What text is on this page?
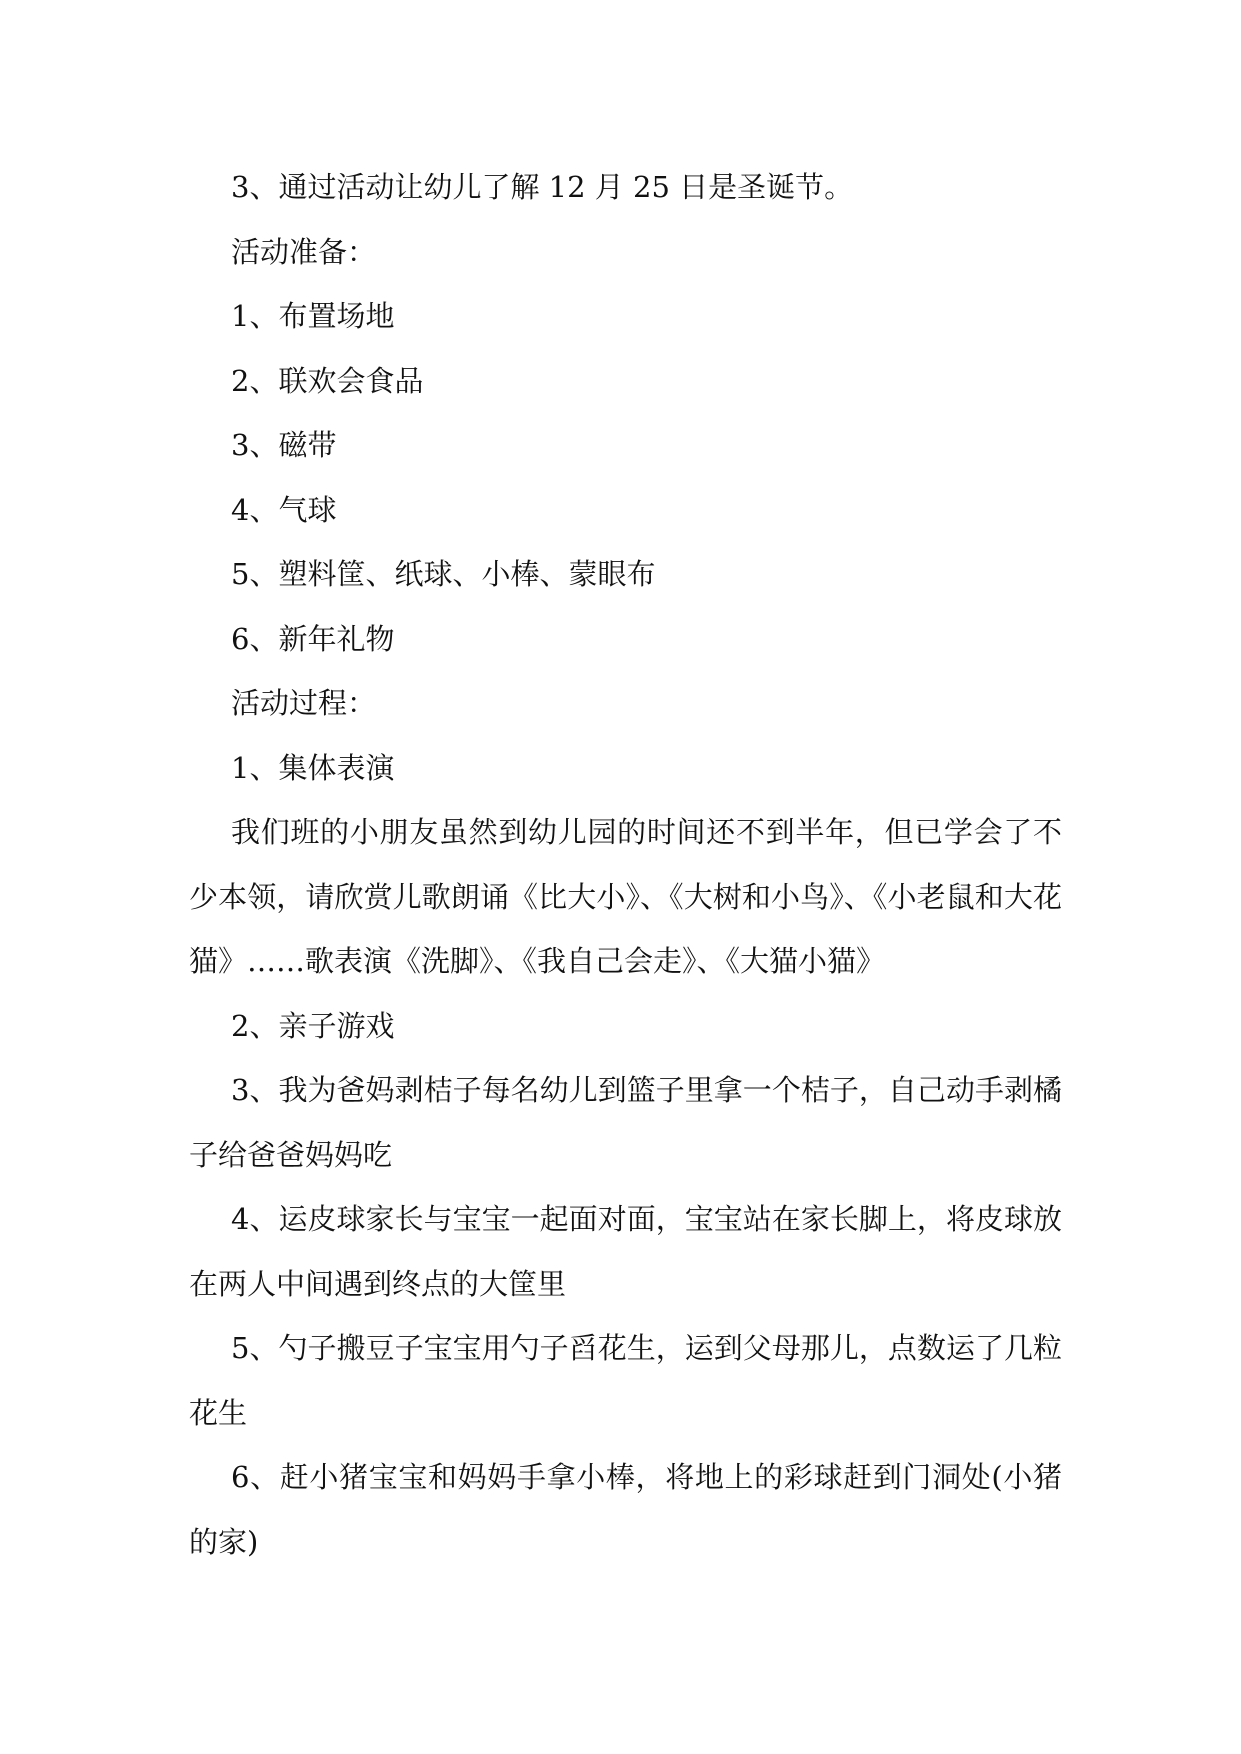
3、通过活动让幼儿了解 12 月 25 日是圣诞节。

活动准备：

1、布置场地

2、联欢会食品

3、磁带

4、气球

5、塑料筐、纸球、小棒、蒙眼布

6、新年礼物

活动过程：

1、集体表演

我们班的小朋友虽然到幼儿园的时间还不到半年，但已学会了不少本领，请欣赏儿歌朗诵《比大小》、《大树和小鸟》、《小老鼠和大花猫》……歌表演《洗脚》、《我自己会走》、《大猫小猫》

2、亲子游戏

3、我为爸妈剥桔子每名幼儿到篮子里拿一个桔子，自己动手剥橘子给爸爸妈妈吃

4、运皮球家长与宝宝一起面对面，宝宝站在家长脚上，将皮球放在两人中间遇到终点的大筐里

5、勺子搬豆子宝宝用勺子舀花生，运到父母那儿，点数运了几粒花生

6、赶小猪宝宝和妈妈手拿小棒，将地上的彩球赶到门洞处(小猪的家)
